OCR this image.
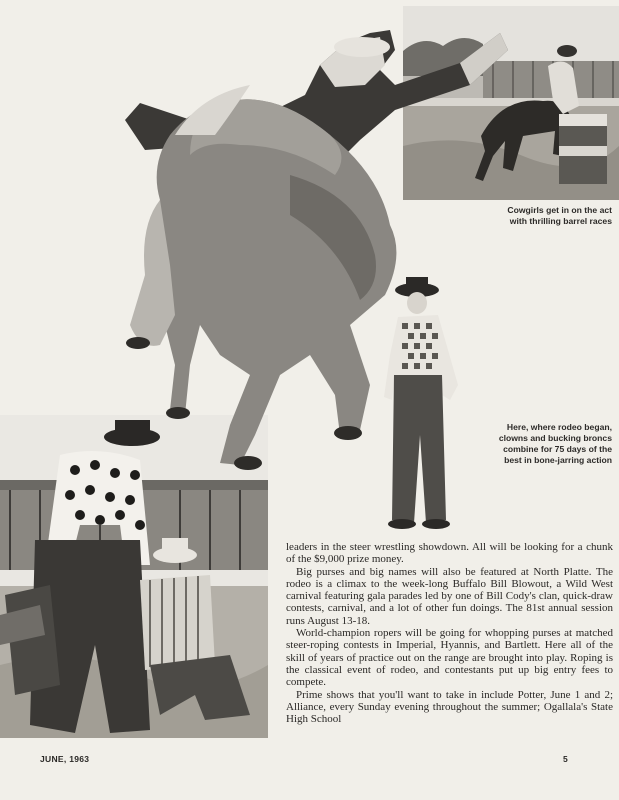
Cowgirls get in on the act
with thrilling barrel races
Here, where rodeo began,
clowns and bucking broncs
combine for 75 days of the
best in bone-jarring action

leaders in the steer wrestling showdown. All will be looking for a chunk of the $9,000 prize money.

Big purses and big names will also be featured at North Platte. The rodeo is a climax to the week-long Buffalo Bill Blowout, a Wild West carnival featuring gala parades led by one of Bill Cody's clan, quick-draw contests, carnival, and a lot of other fun doings. The 81st annual session runs August 13-18.

World-champion ropers will be going for whopping purses at matched steer-roping contests in Imperial, Hyannis, and Bartlett. Here all of the skill of years of practice out on the range are brought into play. Roping is the classical event of rodeo, and contestants put up big entry fees to compete.

Prime shows that you'll want to take in include Potter, June 1 and 2; Alliance, every Sunday evening throughout the summer; Ogallala's State High School

JUNE, 1963	5
